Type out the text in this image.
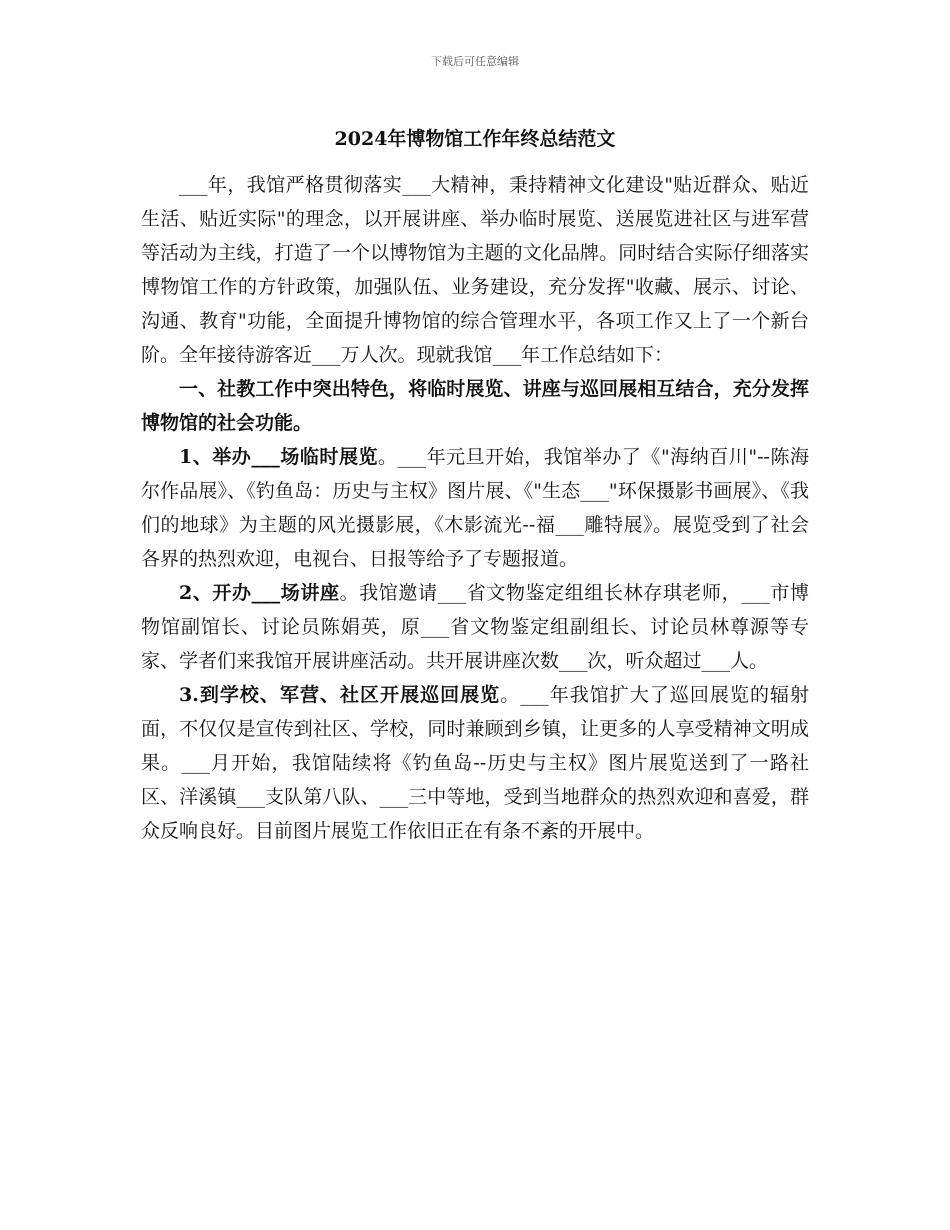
下载后可任意编辑
2024年博物馆工作年终总结范文

___年，我馆严格贯彻落实___大精神，秉持精神文化建设"贴近群众、贴近生活、贴近实际"的理念，以开展讲座、举办临时展览、送展览进社区与进军营等活动为主线，打造了一个以博物馆为主题的文化品牌。同时结合实际仔细落实博物馆工作的方针政策，加强队伍、业务建设，充分发挥"收藏、展示、讨论、沟通、教育"功能，全面提升博物馆的综合管理水平，各项工作又上了一个新台阶。全年接待游客近___万人次。现就我馆___年工作总结如下：

一、社教工作中突出特色，将临时展览、讲座与巡回展相互结合，充分发挥博物馆的社会功能。

1、举办___场临时展览。___年元旦开始，我馆举办了《"海纳百川"--陈海尔作品展》、《钓鱼岛：历史与主权》图片展、《"生态___"环保摄影书画展》、《我们的地球》为主题的风光摄影展，《木影流光--福___雕特展》。展览受到了社会各界的热烈欢迎，电视台、日报等给予了专题报道。

2、开办___场讲座。我馆邀请___省文物鉴定组组长林存琪老师，___市博物馆副馆长、讨论员陈娟英，原___省文物鉴定组副组长、讨论员林尊源等专家、学者们来我馆开展讲座活动。共开展讲座次数___次，听众超过___人。

3.到学校、军营、社区开展巡回展览。___年我馆扩大了巡回展览的辐射面，不仅仅是宣传到社区、学校，同时兼顾到乡镇，让更多的人享受精神文明成果。___月开始，我馆陆续将《钓鱼岛--历史与主权》图片展览送到了一路社区、洋溪镇___支队第八队、___三中等地，受到当地群众的热烈欢迎和喜爱，群众反响良好。目前图片展览工作依旧正在有条不紊的开展中。
